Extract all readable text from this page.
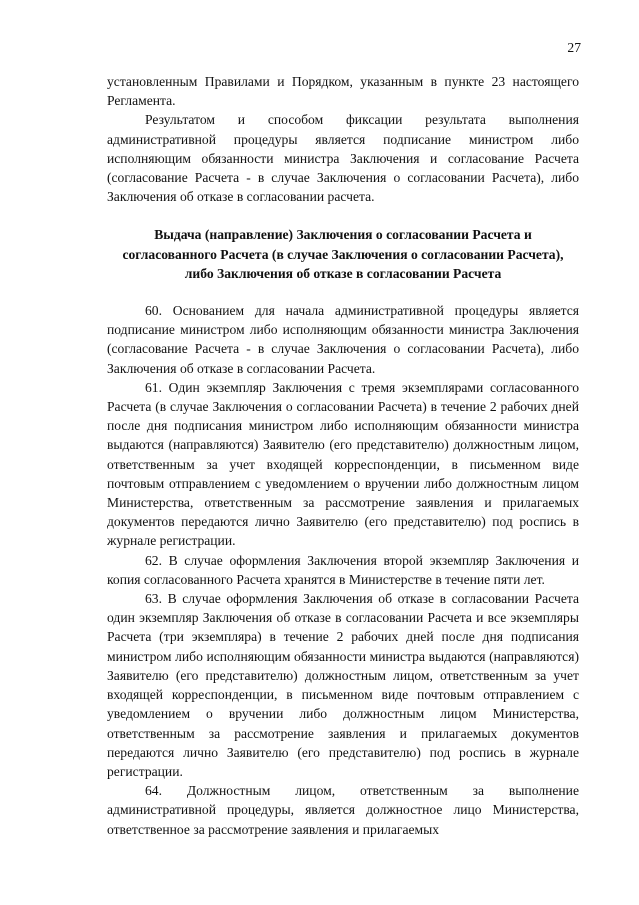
27

установленным Правилами и Порядком, указанным в пункте 23 настоящего Регламента.

Результатом и способом фиксации результата выполнения административной процедуры является подписание министром либо исполняющим обязанности министра Заключения и согласование Расчета (согласование Расчета - в случае Заключения о согласовании Расчета), либо Заключения об отказе в согласовании расчета.

Выдача (направление) Заключения о согласовании Расчета и согласованного Расчета (в случае Заключения о согласовании Расчета), либо Заключения об отказе в согласовании Расчета

60. Основанием для начала административной процедуры является подписание министром либо исполняющим обязанности министра Заключения (согласование Расчета - в случае Заключения о согласовании Расчета), либо Заключения об отказе в согласовании Расчета.

61. Один экземпляр Заключения с тремя экземплярами согласованного Расчета (в случае Заключения о согласовании Расчета) в течение 2 рабочих дней после дня подписания министром либо исполняющим обязанности министра выдаются (направляются) Заявителю (его представителю) должностным лицом, ответственным за учет входящей корреспонденции, в письменном виде почтовым отправлением с уведомлением о вручении либо должностным лицом Министерства, ответственным за рассмотрение заявления и прилагаемых документов передаются лично Заявителю (его представителю) под роспись в журнале регистрации.

62. В случае оформления Заключения второй экземпляр Заключения и копия согласованного Расчета хранятся в Министерстве в течение пяти лет.

63. В случае оформления Заключения об отказе в согласовании Расчета один экземпляр Заключения об отказе в согласовании Расчета и все экземпляры Расчета (три экземпляра) в течение 2 рабочих дней после дня подписания министром либо исполняющим обязанности министра выдаются (направляются) Заявителю (его представителю) должностным лицом, ответственным за учет входящей корреспонденции, в письменном виде почтовым отправлением с уведомлением о вручении либо должностным лицом Министерства, ответственным за рассмотрение заявления и прилагаемых документов передаются лично Заявителю (его представителю) под роспись в журнале регистрации.

64. Должностным лицом, ответственным за выполнение административной процедуры, является должностное лицо Министерства, ответственное за рассмотрение заявления и прилагаемых
